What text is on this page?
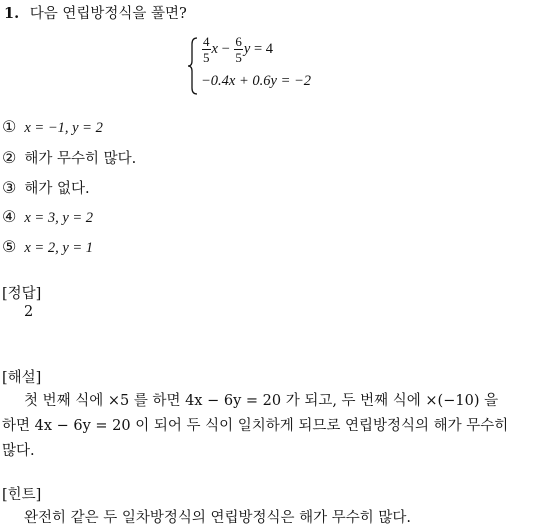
1. 다음 연립방정식을 풀면?
$\frac{4}{5}$ $x - \frac{6}{5}$ y = 4
−0.4x + 0.6y = −2
① x = −1, y = 2
② 해가 무수히 많다.
③ 해가 없다.
④ x = 3, y = 2
⑤ x = 2, y = 1
[정답]
2
[해설]
첫 번째 식에 ×5 를 하면 4x − 6y = 20 가 되고, 두 번째 식에 ×(−10) 을
하면 4x − 6y = 20 이 되어 두 식이 일치하게 되므로 연립방정식의 해가 무수히
많다.
[힌트]
완전히 같은 두 일차방정식의 연립방정식은 해가 무수히 많다.
